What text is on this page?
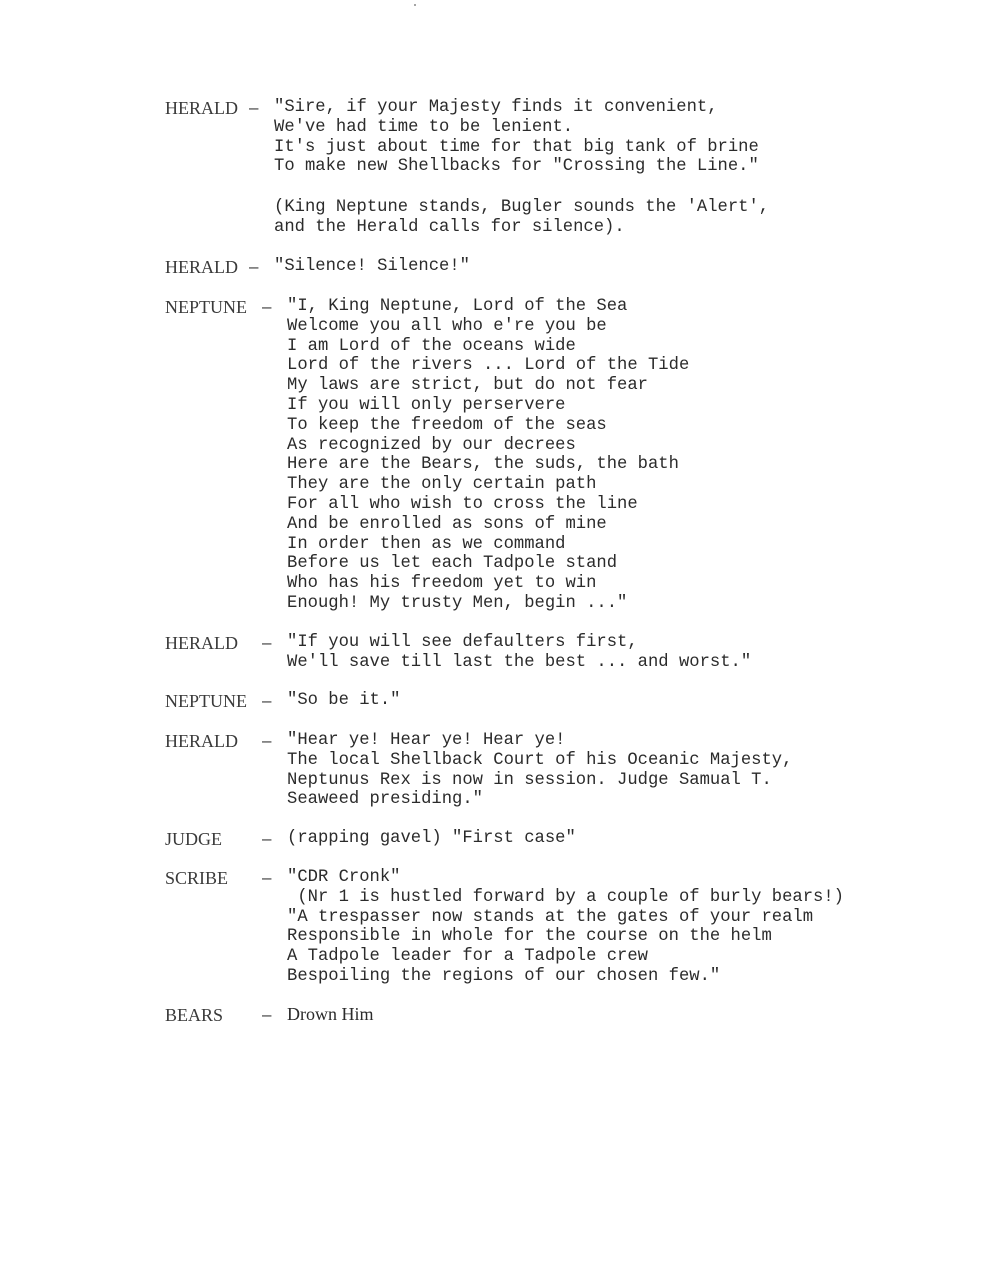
HERALD – "Sire, if your Majesty finds it convenient,
We've had time to be lenient.
It's just about time for that big tank of brine
To make new Shellbacks for "Crossing the Line."
(King Neptune stands, Bugler sounds the 'Alert',
and the Herald calls for silence).
HERALD – "Silence! Silence!"
NEPTUNE – "I, King Neptune, Lord of the Sea
Welcome you all who e're you be
I am Lord of the oceans wide
Lord of the rivers ... Lord of the Tide
My laws are strict, but do not fear
If you will only perservere
To keep the freedom of the seas
As recognized by our decrees
Here are the Bears, the suds, the bath
They are the only certain path
For all who wish to cross the line
And be enrolled as sons of mine
In order then as we command
Before us let each Tadpole stand
Who has his freedom yet to win
Enough! My trusty Men, begin ..."
HERALD – "If you will see defaulters first,
We'll save till last the best ... and worst."
NEPTUNE – "So be it."
HERALD – "Hear ye! Hear ye! Hear ye!
The local Shellback Court of his Oceanic Majesty,
Neptunus Rex is now in session. Judge Samual T.
Seaweed presiding."
JUDGE – (rapping gavel) "First case"
SCRIBE – "CDR Cronk"
(Nr 1 is hustled forward by a couple of burly bears!)
"A trespasser now stands at the gates of your realm
Responsible in whole for the course on the helm
A Tadpole leader for a Tadpole crew
Bespoiling the regions of our chosen few."
BEARS – Drown Him
